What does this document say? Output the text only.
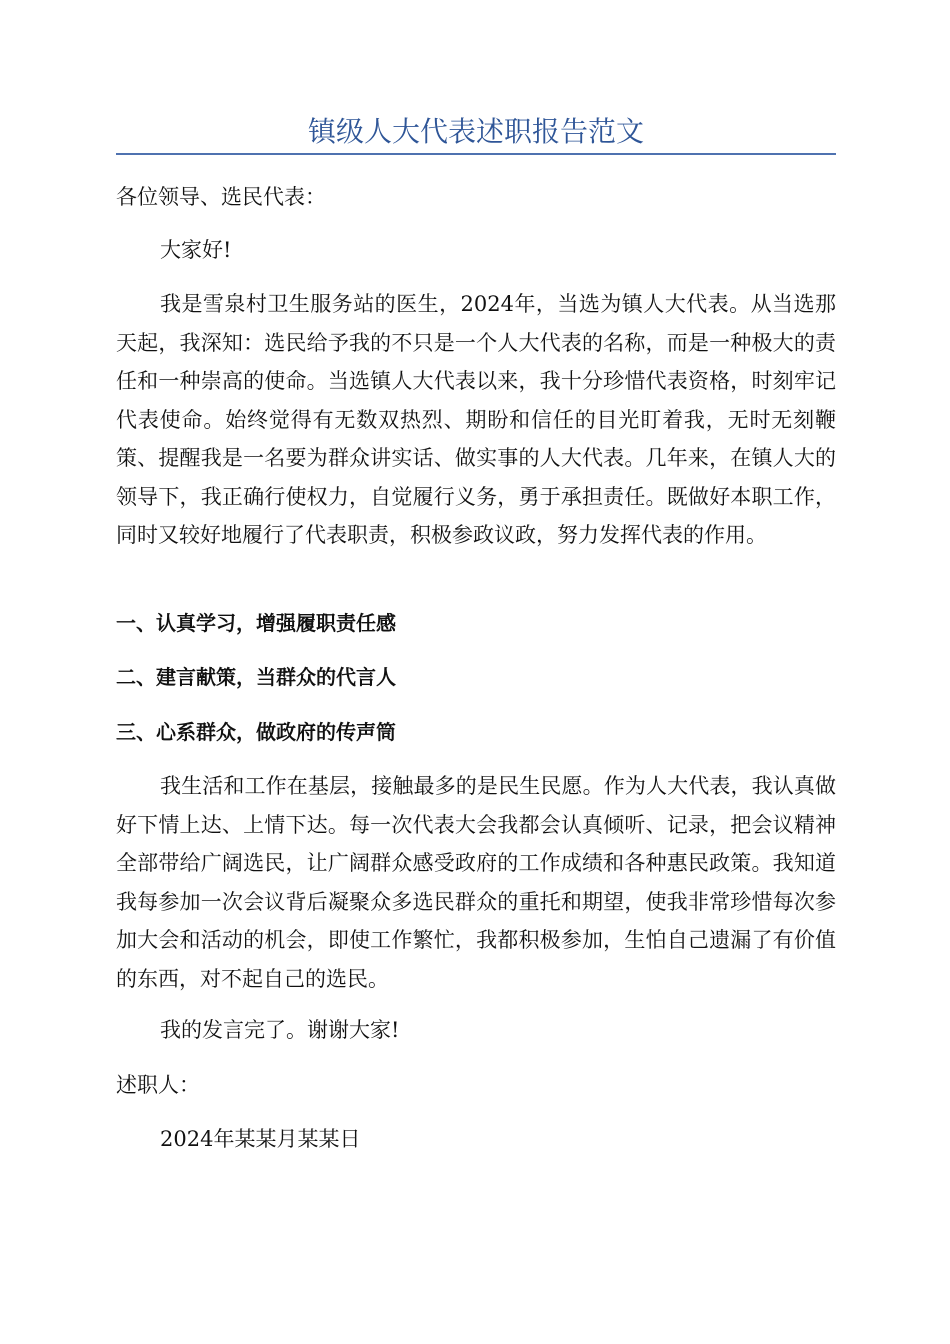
镇级人大代表述职报告范文

各位领导、选民代表：

大家好!

我是雪泉村卫生服务站的医生，2024年，当选为镇人大代表。从当选那天起，我深知：选民给予我的不只是一个人大代表的名称，而是一种极大的责任和一种崇高的使命。当选镇人大代表以来，我十分珍惜代表资格，时刻牢记代表使命。始终觉得有无数双热烈、期盼和信任的目光盯着我，无时无刻鞭策、提醒我是一名要为群众讲实话、做实事的人大代表。几年来，在镇人大的领导下，我正确行使权力，自觉履行义务，勇于承担责任。既做好本职工作，同时又较好地履行了代表职责，积极参政议政，努力发挥代表的作用。

一、认真学习，增强履职责任感

二、建言献策，当群众的代言人

三、心系群众，做政府的传声筒

我生活和工作在基层，接触最多的是民生民愿。作为人大代表，我认真做好下情上达、上情下达。每一次代表大会我都会认真倾听、记录，把会议精神全部带给广阔选民，让广阔群众感受政府的工作成绩和各种惠民政策。我知道我每参加一次会议背后凝聚众多选民群众的重托和期望，使我非常珍惜每次参加大会和活动的机会，即使工作繁忙，我都积极参加，生怕自己遗漏了有价值的东西，对不起自己的选民。

我的发言完了。谢谢大家!

述职人：

2024年某某月某某日
